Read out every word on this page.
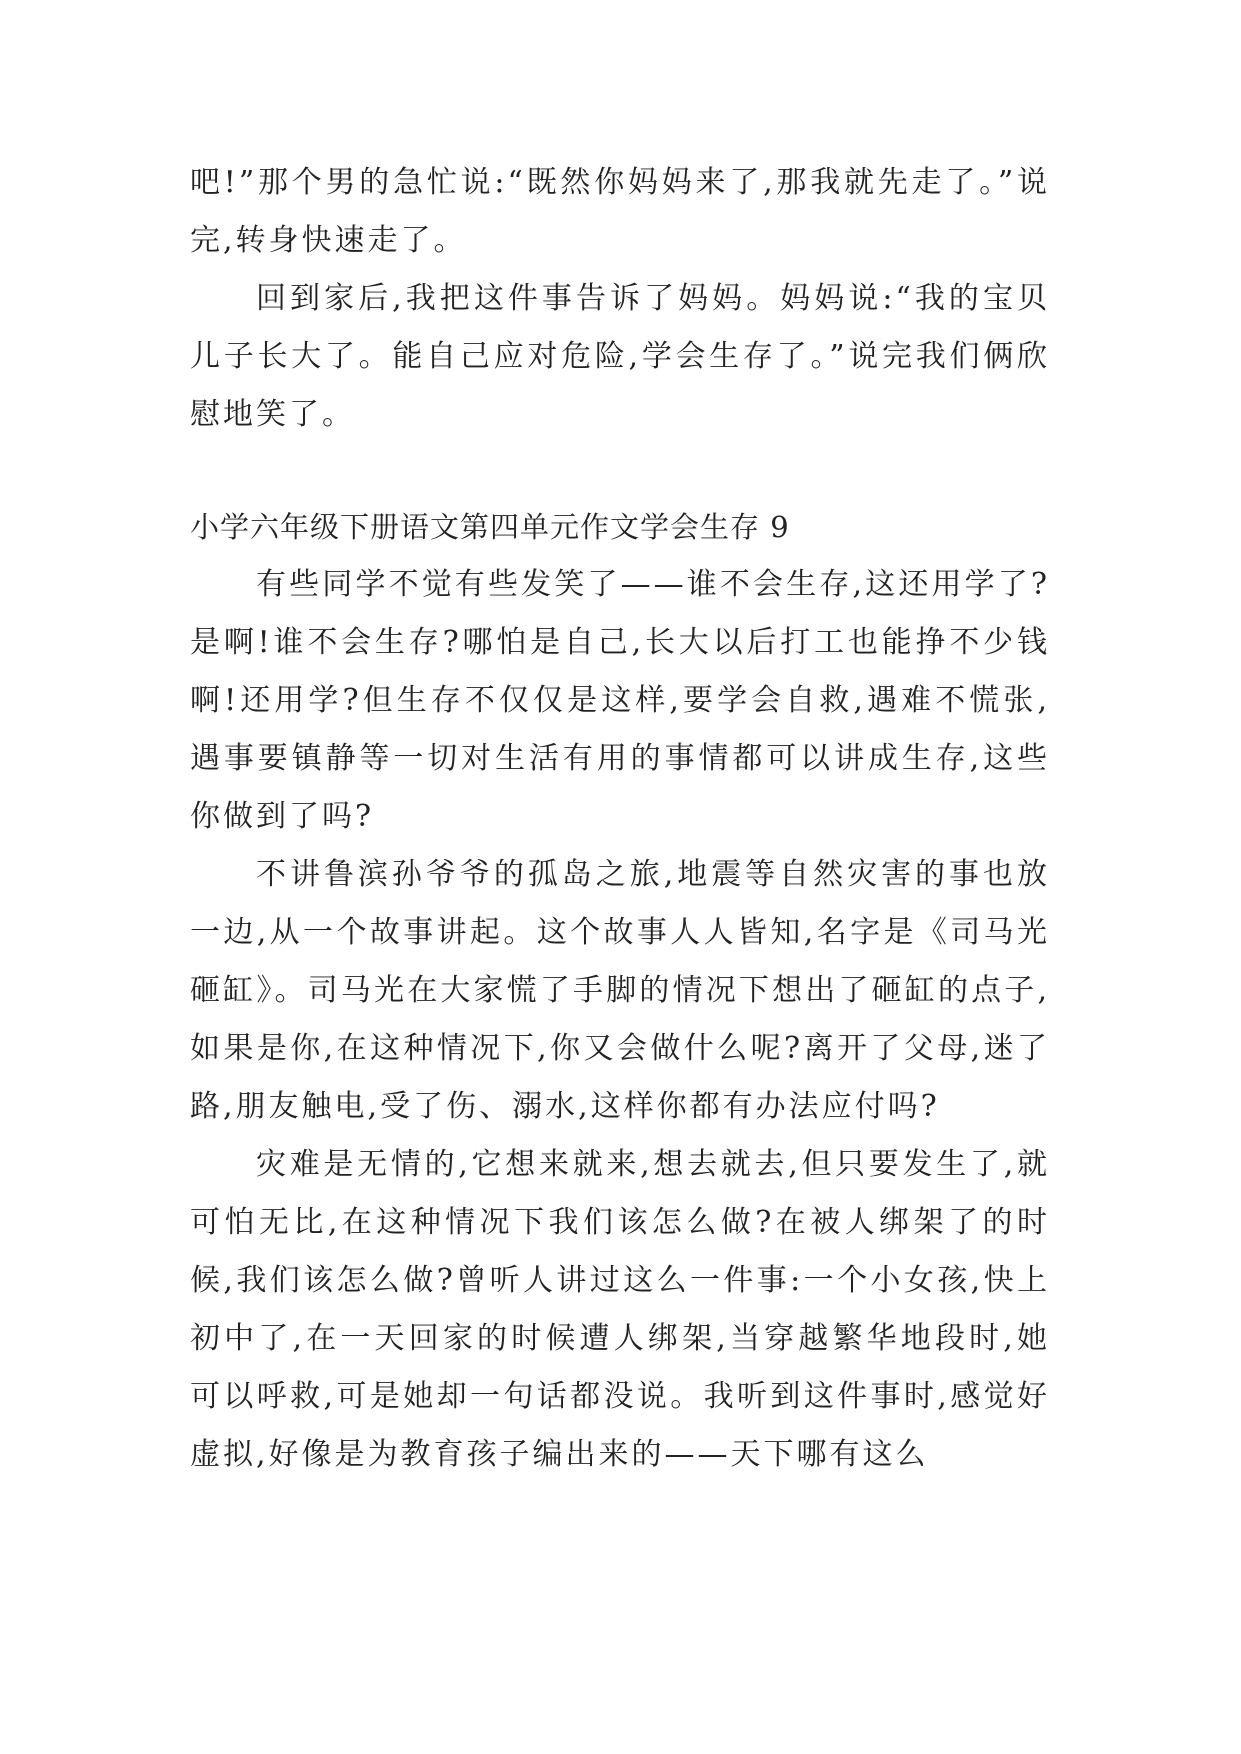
吧!”那个男的急忙说:“既然你妈妈来了,那我就先走了。”说完,转身快速走了。

回到家后,我把这件事告诉了妈妈。妈妈说:“我的宝贝儿子长大了。能自己应对危险,学会生存了。”说完我们俩欣慰地笑了。

小学六年级下册语文第四单元作文学会生存 9

有些同学不觉有些发笑了——谁不会生存,这还用学了?是啊!谁不会生存?哪怕是自己,长大以后打工也能挣不少钱啊!还用学?但生存不仅仅是这样,要学会自救,遇难不慌张,遇事要镇静等一切对生活有用的事情都可以讲成生存,这些你做到了吗?

不讲鲁滨孙爷爷的孤岛之旅,地震等自然灾害的事也放一边,从一个故事讲起。这个故事人人皆知,名字是《司马光砸缸》。司马光在大家慌了手脚的情况下想出了砸缸的点子,如果是你,在这种情况下,你又会做什么呢?离开了父母,迷了路,朋友触电,受了伤、溺水,这样你都有办法应付吗?

灾难是无情的,它想来就来,想去就去,但只要发生了,就可怕无比,在这种情况下我们该怎么做?在被人绑架了的时候,我们该怎么做?曾听人讲过这么一件事:一个小女孩,快上初中了,在一天回家的时候遭人绑架,当穿越繁华地段时,她可以呼救,可是她却一句话都没说。我听到这件事时,感觉好虚拟,好像是为教育孩子编出来的——天下哪有这么
